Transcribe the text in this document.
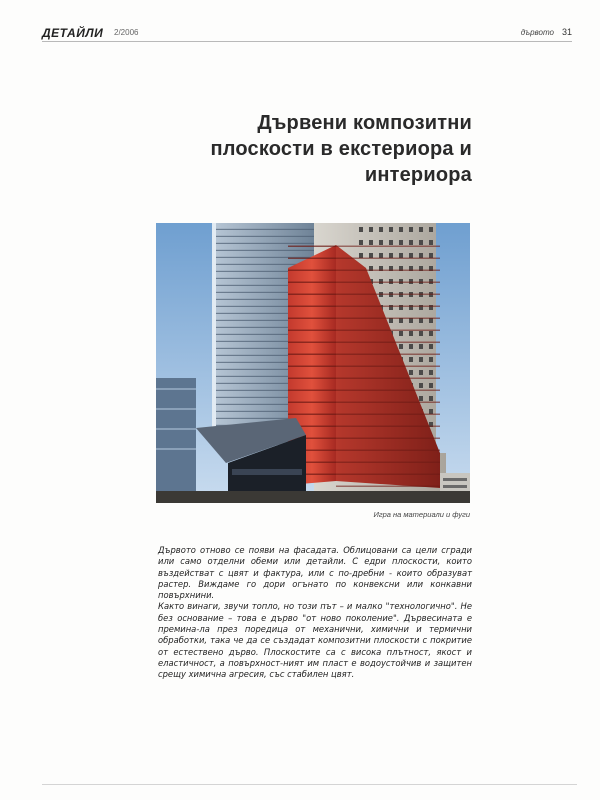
ДЕТАЙЛИ 2/2006	дървото 31
Дървени композитни
плоскости в екстериора и
интериора
Игра на материали и фуги

Дървото отново се появи на фасадата. Облицовани са цели сгради или само отделни обеми или детайли. С едри плоскости, които въздействат с цвят и фактура, или с по-дребни - които образуват растер. Виждаме го дори огънато по конвексни или конкавни повърхнини.

Както винаги, звучи топло, но този път – и малко "технологично". Не без основание – това е дърво "от ново поколение". Дървесината е премина-ла през поредица от механични, химични и термични обработки, така че да се създадат композитни плоскости с покритие от естествено дърво. Плоскостите са с висока плътност, якост и еластичност, а повърхност-ният им пласт е водоустойчив и защитен срещу химична агресия, със стабилен цвят.
